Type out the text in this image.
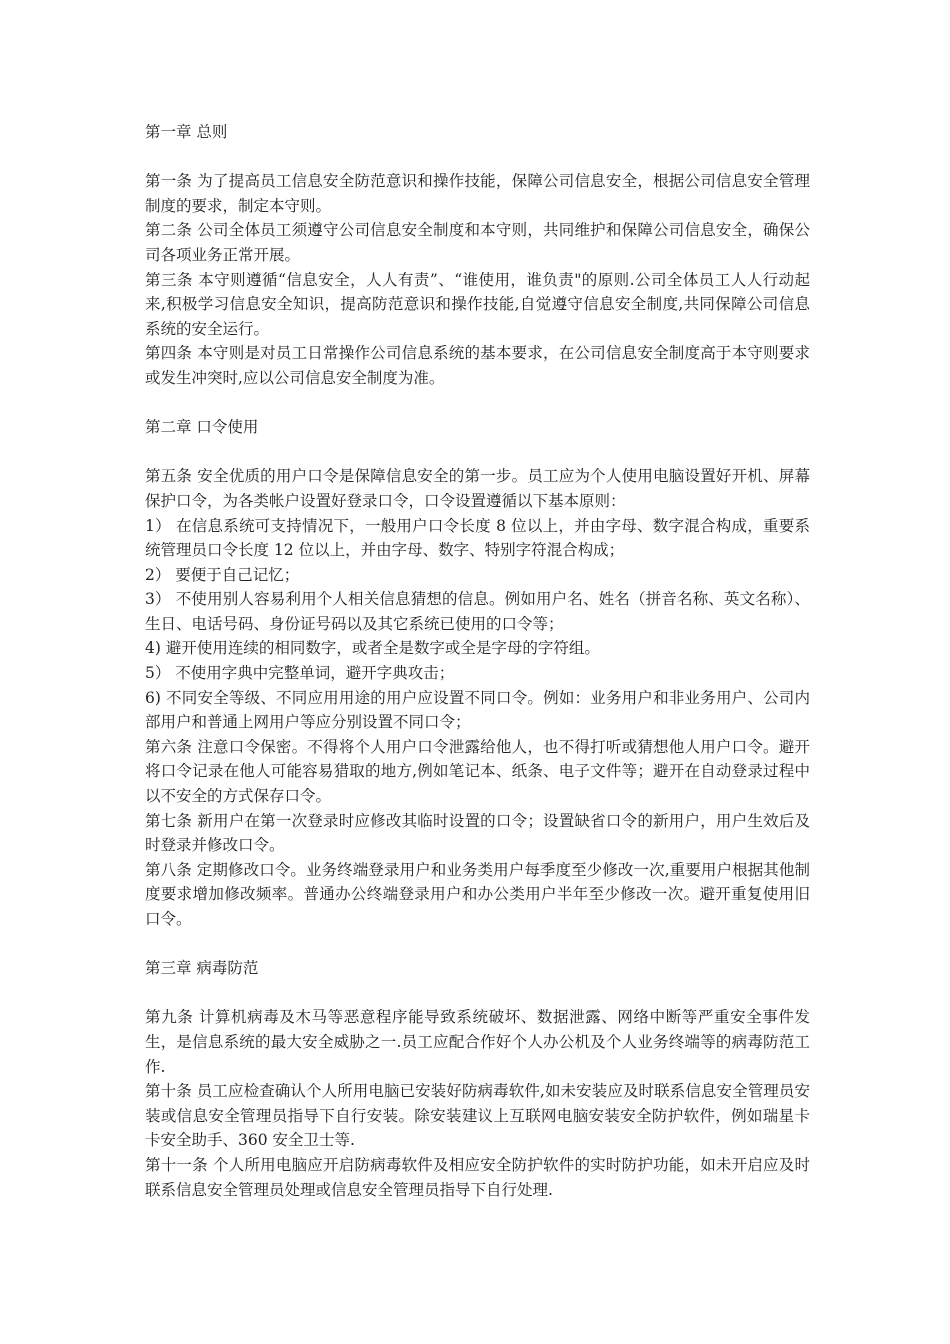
第一章 总则

第一条 为了提高员工信息安全防范意识和操作技能，保障公司信息安全，根据公司信息安全管理制度的要求，制定本守则。

第二条 公司全体员工须遵守公司信息安全制度和本守则，共同维护和保障公司信息安全，确保公司各项业务正常开展。

第三条 本守则遵循“信息安全，人人有责”、“谁使用，谁负责"的原则.公司全体员工人人行动起来,积极学习信息安全知识，提高防范意识和操作技能,自觉遵守信息安全制度,共同保障公司信息系统的安全运行。

第四条 本守则是对员工日常操作公司信息系统的基本要求，在公司信息安全制度高于本守则要求或发生冲突时,应以公司信息安全制度为准。

第二章 口令使用

第五条 安全优质的用户口令是保障信息安全的第一步。员工应为个人使用电脑设置好开机、屏幕保护口令，为各类帐户设置好登录口令，口令设置遵循以下基本原则：

1） 在信息系统可支持情况下，一般用户口令长度 8 位以上，并由字母、数字混合构成，重要系统管理员口令长度 12 位以上，并由字母、数字、特别字符混合构成；

2） 要便于自己记忆；

3） 不使用别人容易利用个人相关信息猜想的信息。例如用户名、姓名（拼音名称、英文名称）、生日、电话号码、身份证号码以及其它系统已使用的口令等；

4) 避开使用连续的相同数字，或者全是数字或全是字母的字符组。

5） 不使用字典中完整单词，避开字典攻击；

6) 不同安全等级、不同应用用途的用户应设置不同口令。例如：业务用户和非业务用户、公司内部用户和普通上网用户等应分别设置不同口令；

第六条 注意口令保密。不得将个人用户口令泄露给他人，也不得打听或猜想他人用户口令。避开将口令记录在他人可能容易猎取的地方,例如笔记本、纸条、电子文件等；避开在自动登录过程中以不安全的方式保存口令。

第七条 新用户在第一次登录时应修改其临时设置的口令；设置缺省口令的新用户，用户生效后及时登录并修改口令。

第八条 定期修改口令。业务终端登录用户和业务类用户每季度至少修改一次,重要用户根据其他制度要求增加修改频率。普通办公终端登录用户和办公类用户半年至少修改一次。避开重复使用旧口令。

第三章 病毒防范

第九条 计算机病毒及木马等恶意程序能导致系统破坏、数据泄露、网络中断等严重安全事件发生，是信息系统的最大安全威胁之一.员工应配合作好个人办公机及个人业务终端等的病毒防范工作.

第十条 员工应检查确认个人所用电脑已安装好防病毒软件,如未安装应及时联系信息安全管理员安装或信息安全管理员指导下自行安装。除安装建议上互联网电脑安装安全防护软件，例如瑞星卡卡安全助手、360 安全卫士等.

第十一条 个人所用电脑应开启防病毒软件及相应安全防护软件的实时防护功能，如未开启应及时联系信息安全管理员处理或信息安全管理员指导下自行处理.
